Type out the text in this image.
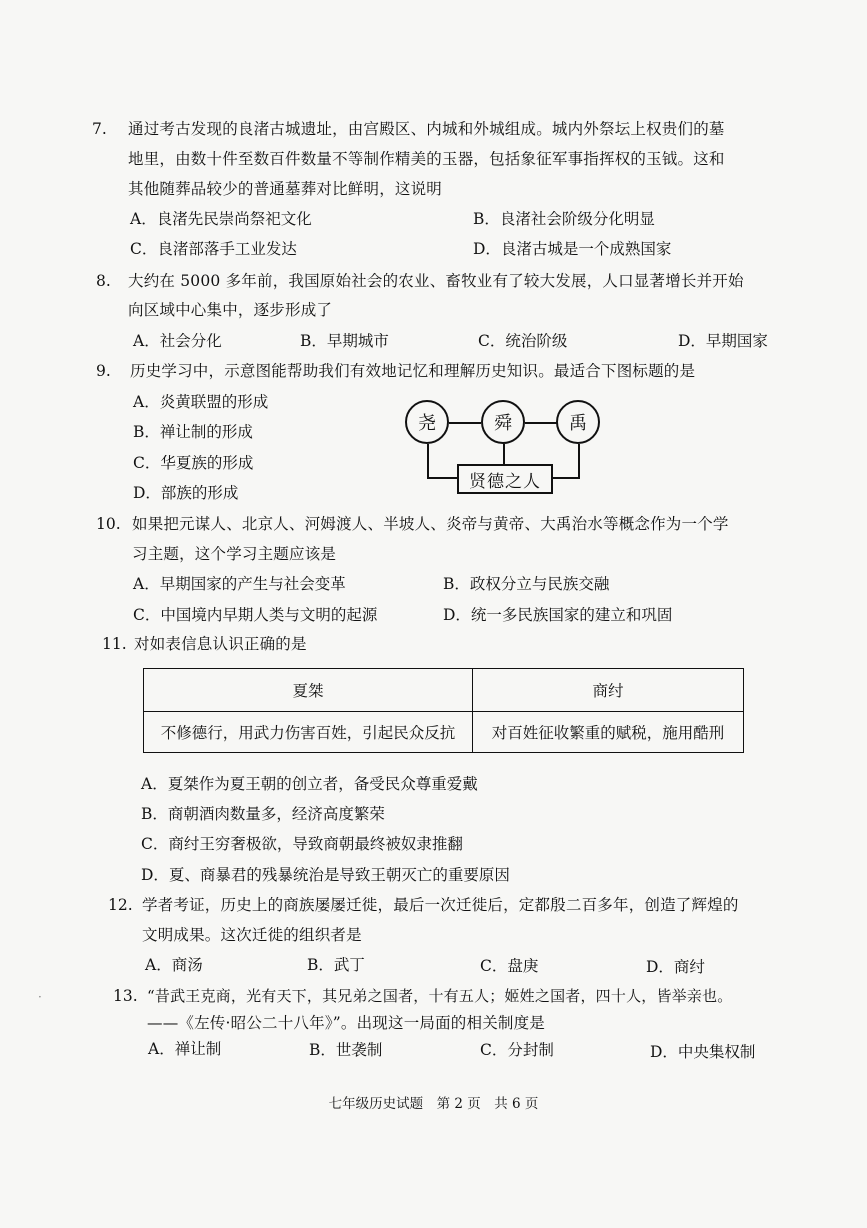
7. 通过考古发现的良渚古城遗址，由宫殿区、内城和外城组成。城内外祭坛上权贵们的墓
地里，由数十件至数百件数量不等制作精美的玉器，包括象征军事指挥权的玉钺。这和
其他随葬品较少的普通墓葬对比鲜明，这说明
A．良渚先民崇尚祭祀文化	B．良渚社会阶级分化明显
C．良渚部落手工业发达	D．良渚古城是一个成熟国家
8. 大约在 5000 多年前，我国原始社会的农业、畜牧业有了较大发展，人口显著增长并开始
向区域中心集中，逐步形成了
A．社会分化	B．早期城市	C．统治阶级	D．早期国家
9. 历史学习中，示意图能帮助我们有效地记忆和理解历史知识。最适合下图标题的是
A．炎黄联盟的形成
B．禅让制的形成
C．华夏族的形成
D．部族的形成
尧	舜	禹
贤德之人
10. 如果把元谋人、北京人、河姆渡人、半坡人、炎帝与黄帝、大禹治水等概念作为一个学
习主题，这个学习主题应该是
A．早期国家的产生与社会变革	B．政权分立与民族交融
C．中国境内早期人类与文明的起源	D．统一多民族国家的建立和巩固
11. 对如表信息认识正确的是
夏桀	商纣
不修德行，用武力伤害百姓，引起民众反抗	对百姓征收繁重的赋税，施用酷刑
A．夏桀作为夏王朝的创立者，备受民众尊重爱戴
B．商朝酒肉数量多，经济高度繁荣
C．商纣王穷奢极欲，导致商朝最终被奴隶推翻
D．夏、商暴君的残暴统治是导致王朝灭亡的重要原因
12. 学者考证，历史上的商族屡屡迁徙，最后一次迁徙后，定都殷二百多年，创造了辉煌的
文明成果。这次迁徙的组织者是
A．商汤	B．武丁	C．盘庚	D．商纣
·	13. “昔武王克商，光有天下，其兄弟之国者，十有五人；姬姓之国者，四十人，皆举亲也。
——《左传·昭公二十八年》”。出现这一局面的相关制度是
A．禅让制	B．世袭制	C．分封制	D．中央集权制
七年级历史试题　第 2 页　共 6 页
